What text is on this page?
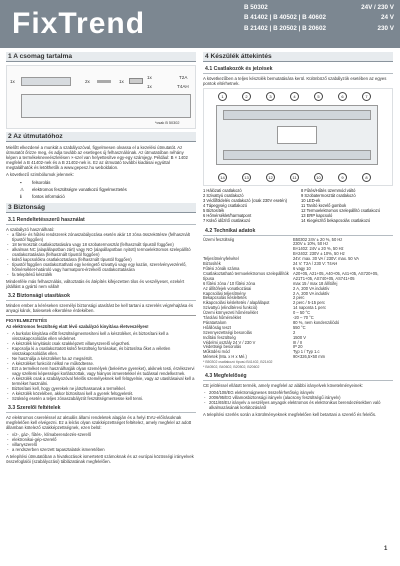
FixTrend	B 50302	24V / 230 V
B 41402 | B 40502 | B 40602	24 V
B 21402 | B 20502 | B 20602	230 V
1 A csomag tartalma
1x	2x	1x
1x	T2A
1x	T4AH
*csak B 50302
2 Az útmutatóhoz
Mielőtt elkezdené a munkát a szabályozóval, figyelmesen olvassa el a kezelési útmutatót. Az útmutatót őrizze meg, és adja tovább az esetleges új felhasználónak. Az útmutatóban néhány képen a termékekneveészlelésen ×-szel van helyettesítve egy-egy számjegy. Például: B × 1402 megfelel a B 41402-nek és a B 21402-nek is. Ez az útmutató további kiadásai egyúttal megtalálhatók és letölthetők a www.gepesz.hu weboldalon.
A következő szimbólumok jelennek:
▪	felsorolás
⚠	elektromos feszültségre vonatkozó figyelmeztetés
ℹ	fontos információ
3 Biztonság
3.1 Rendeltetésszerű használat
A szabályzó használható:
- a fűtési- és hűtési rendszerek zónaszabályozása esetén akár 10 zóna összekötésre (felhasznált típustól függően)
- 18 termosztát csatlakoztatására vagy 18 szobatermosztát (felhasznált típustól függően)
- alkalmas NC (alapállapotban zárt) vagy NO (alapállapotban nyitott) termoelektromos szelepállító csatlakoztatására (felhasznált típustól függően)
- külső kapcsolókra csatlakoztatásra (felhasznált típustól függően)
- típustól függően csatlakoztatható egy keringető szivattyú vagy egy kazán, szerelvényvezérelő, hőmérséklet-határoló vagy harmatpont-érzékelő csatlakoztatására
- fa telepítésű készülék
Mindenféle más felhasználás, változtatás és átépítés kifejezetten tilos és veszélyeset, ezekért jótállást a gyártó nem vállal!
3.2 Biztonsági utasítások
Minden ember a kéréseken személyi biztonsági utasítást be kell tartani a szerelés végrehajtása és anyagi károk, balesetek elkerülése érdekében.
FIGYELMEZTETÉS
Az elektromos feszültség elatt lévő szabályzó kinyitása életveszélyes!
- A burkolat kinyitása előtt feszültségmentesíteni kell a készüléket, és biztosítani kell a visszakapcsolódás ellen védelmet.
- A készülék kinyitását csak szakképzett villanyszerelő végezheti.
- Kapcsolja ki a csatlakoztatott külső feszültség forrásokat, és biztosítsa őket a véletlen visszakapcsolódás ellen.
- Ne használja a készüléket ha az megsérült.
- A készüléket funkciót nélkül ne működtesse.
- Ezt a terméket nem használhatják olyan személyek (beleértve gyereket), akiknek testi, érzékszervi vagy szellemi képességei korlátozottak, vagy hiányos ismeretekkel és tudással rendelkeznek.
- A készülék csak a szabályozóval felelős személyeknek kell felügyelnie, vagy az utasításaival kell a terméket használni.
- Biztosítani kell, hogy gyerekek ne játszhassanak a termékkel.
- A készülék közelében, akkor biztosítani kell a gyerek felügyeletét.
- Szükség esetén a teljes zónaszabályzót feszültségmentesse kell tenni.
3.3 Szerelői feltételek
Az elektromos csereléssel az aktuális állami rendeletek alapján és a helyi EVU-előírásoknak megfelelően kell elvégezni. Ez a leírás olyan szakképzettséget feltételez, amely megfelel az adott államban kötelező szakképzettségnek, ezen belül:
- víz-, gáz-, fűtés-, klímaberendezés-szerelő
- elektronikai-gép-szerelő
- villanyszerelő
- a rendszerben szerzett tapasztalatok ismeretében
A telepítési útmutatóban a hivatkozások ismertetett számoknak és az európai közösségi irányelvek összefoglalói (szabályozási) táblázatának megfelelően.
4 Készülék áttekintés
4.1 Csatlakozók és jelzések
A következőben a teljes készülék bemutatására kerül. Különböző szabályzók esetében az egyes pontok eltérhetnek.
1	2	3	4	5	6	7
14	13	12	11	10	9	8
1 Hálózati csatlakozó	8 Fűtés/Hűtés üzemmód váltó
2 Szivattyú csatlakozó	9 Szobatermosztát csatlakozó
3 Védőföldelés csatlakozó (csak 230V esetén)	10 LED-ek
4 Tápegység csatlakozó	11 Tanító kezelő gombok
5 Biztosíték	12 Termoelektromos szelepállító csatlakozó
6 Hőmérséklet/harmatpont	13 ERP kapcsoló
7 Külső időzítő csatlakozó	14 Kiegészítő bekapcsolás csatlakozó
4.2 Technikai adatok
Üzemi feszültség	B50302 24V ± 20 %, 50 Hz
230V ± 10%, 50 Hz
B×1402: 24V ± 20 %, 50 Hz
B×2402: 230V ± 10%, 50 Hz
Teljesítményfelvétel	24V: max. 30 VA / 230V: max. 50 VA
Biztosíték	24 V: T2A / 230 V: T4AH
Fűtési zónák száma	6 vagy 10
Csatlakoztatható termoelektromos szelepállítók típusa
A20+05, A21+05, A40+05, A41+05, AS720+05, A21T1+05, AS740+05, AS741+05
6 fűtési zóna / 10 fűtési zóna	max 15 / max 18 állítófej
Az állítófejek vonatkozásai	2 A, 200 VA induktív
Kapcsolási teljesítmény	2 A, 200 VA induktív
Bekapcsolás késleltetés	2 perc
Kikapcsolási késleltetés / alapállapot	2 perc / 5-15 perc
Szivattyú (elindítéresi funkció)	14 naponta 1 perc
Üzemi környezeti hőmérséklet	0 – 50 °C
Tárolási hőmérséklet	-20 – 70 °C
Páratartalom	80 %, nem kondenzálódó
Hőállóság teszt	550 °C
Szennyezettségi besorolás	2
Indítási feszültség	1500 V
Védelmi osztály 24 V / 230 V	III / II
Védettségi besorolás	IP 20
Működési mód	Typ 1 / Typ 1.c
Méretek (Ma. x H x Mé.)	90×326,5×50 mm
* B50302 csatlakozó típusú B41402, B21402
* B40502, B40602, B20502, B20602
4.3 Megfelelőség
CE jelöléssel ellátott termék, amely megfelel az alábbi irányelvek követelményeinek:
- 2004/108/EG elektromágneses összeférhetőség irányelv
- 2006/95/EG villamosbiztonsági irányelv (alacsony feszültségű irányelv)
- 2011/65/EU irányelv a veszélyes anyagok elektromos és elektronikus berendezésekben való alkalmazásának korlátozásáról
A telepítési szerlés során a körülményeknek megfelelően kell betartani a szerelő és felelős.
1
